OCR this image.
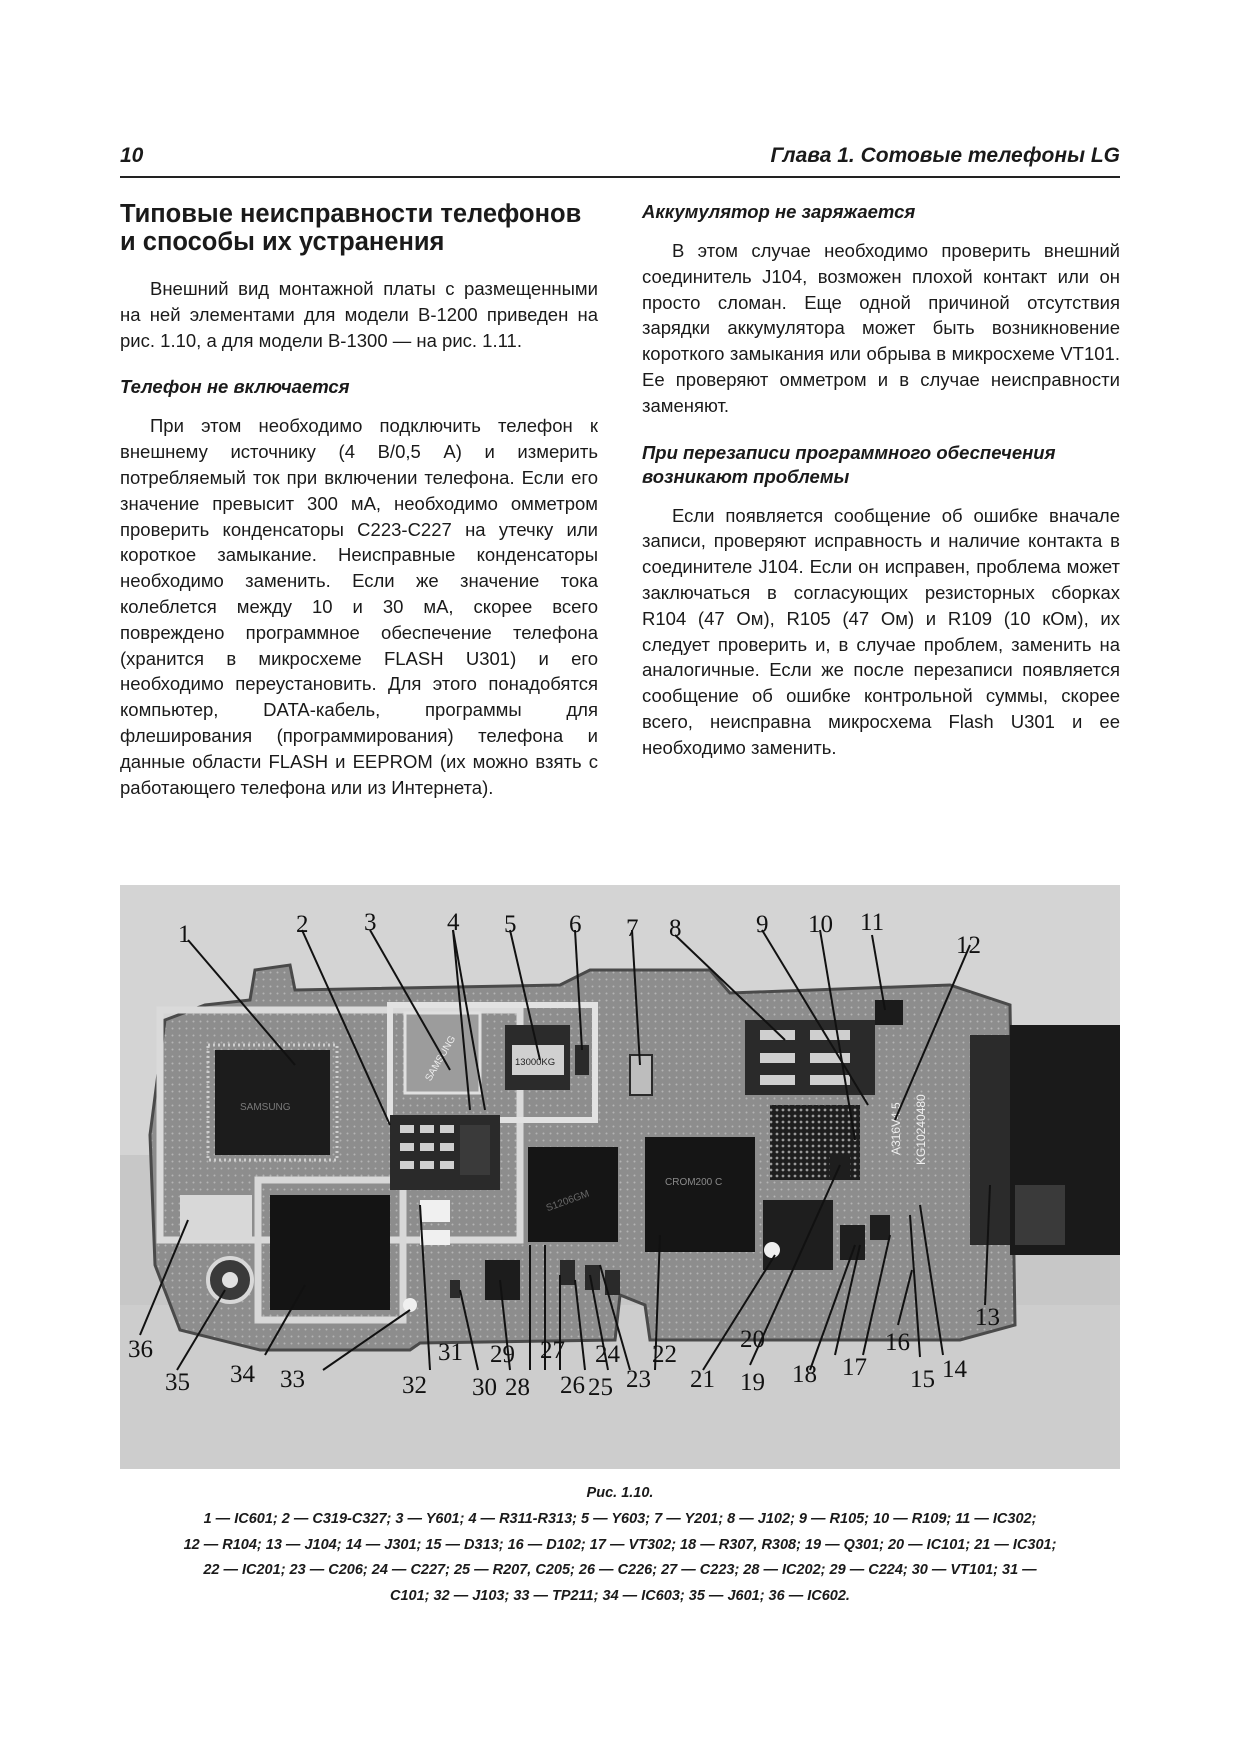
10	Глава 1. Сотовые телефоны LG
Типовые неисправности телефонов
и способы их устранения

Внешний вид монтажной платы с размещенными на ней элементами для модели B-1200 приведен на рис. 1.10, а для модели B-1300 — на рис. 1.11.

Телефон не включается

При этом необходимо подключить телефон к внешнему источнику (4 В/0,5 А) и измерить потребляемый ток при включении телефона. Если его значение превысит 300 мА, необходимо омметром проверить конденсаторы C223-C227 на утечку или короткое замыкание. Неисправные конденсаторы необходимо заменить. Если же значение тока колеблется между 10 и 30 мА, скорее всего повреждено программное обеспечение телефона (хранится в микросхеме FLASH U301) и его необходимо переустановить. Для этого понадобятся компьютер, DATA-кабель, программы для флеширования (программирования) телефона и данные области FLASH и EEPROM (их можно взять с работающего телефона или из Интернета).

Аккумулятор не заряжается

В этом случае необходимо проверить внешний соединитель J104, возможен плохой контакт или он просто сломан. Еще одной причиной отсутствия зарядки аккумулятора может быть возникновение короткого замыкания или обрыва в микросхеме VT101. Ее проверяют омметром и в случае неисправности заменяют.

При перезаписи программного обеспечения
возникают проблемы

Если появляется сообщение об ошибке вначале записи, проверяют исправность и наличие контакта в соединителе J104. Если он исправен, проблема может заключаться в согласующих резисторных сборках R104 (47 Ом), R105 (47 Ом) и R109 (10 кОм), их следует проверить и, в случае проблем, заменить на аналогичные. Если же после перезаписи появляется сообщение об ошибке контрольной суммы, скорее всего, неисправна микросхема Flash U301 и ее необходимо заменить.

SAMSUNG
SAMSUNG	13000KG
A316V4.5 KG10240480
S1206GM
CROM200 C
1	2 3	4 5 6 7 8	9 10 11
12
13
14
15
16
17
18
19
20
21
22
23
24
25
26
27
28
29
30
31
32
33
34
35
36
Рис. 1.10.
1 — IC601; 2 — C319-C327; 3 — Y601; 4 — R311-R313; 5 — Y603; 7 — Y201; 8 — J102; 9 — R105; 10 — R109; 11 — IC302;
12 — R104; 13 — J104; 14 — J301; 15 — D313; 16 — D102; 17 — VT302; 18 — R307, R308; 19 — Q301; 20 — IC101; 21 — IC301;
22 — IC201; 23 — C206; 24 — C227; 25 — R207, C205; 26 — C226; 27 — C223; 28 — IC202; 29 — C224; 30 — VT101; 31 —
C101; 32 — J103; 33 — TP211; 34 — IC603; 35 — J601; 36 — IC602.
